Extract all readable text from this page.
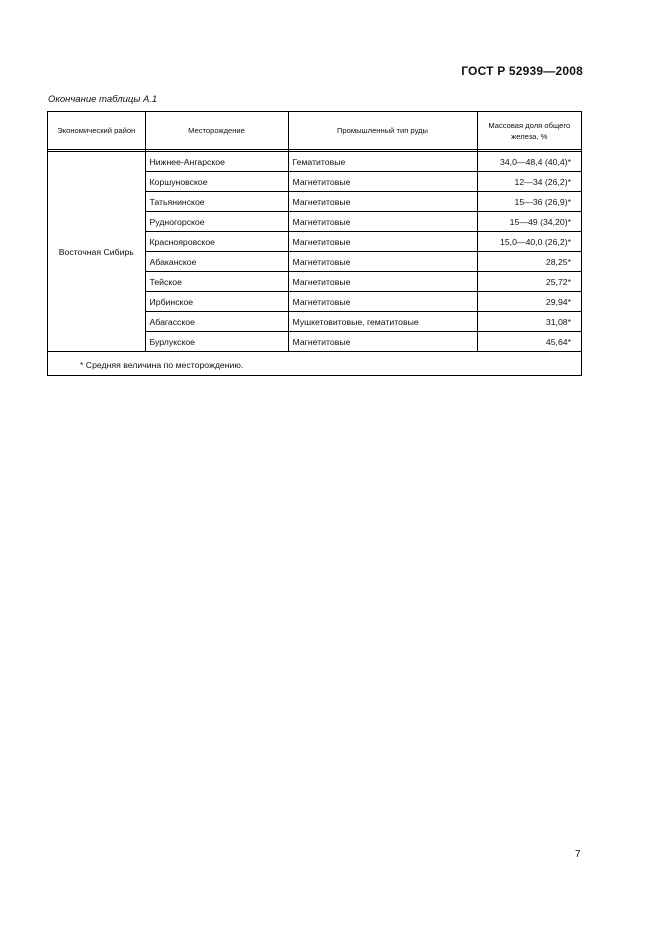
ГОСТ Р 52939—2008
Окончание таблицы А.1
Экономический район	Месторождение	Промышленный тип руды	Массовая доля общего железа, %

Восточная Сибирь	Нижнее-Ангарское	Гематитовые	34,0—48,4 (40,4)*
	Коршуновское	Магнетитовые	12—34 (26,2)*
	Татьянинское	Магнетитовые	15—36 (26,9)*
	Рудногорское	Магнетитовые	15—49 (34,20)*
	Краснояровское	Магнетитовые	15,0—40,0 (26,2)*
	Абаканское	Магнетитовые	28,25*
	Тейское	Магнетитовые	25,72*
	Ирбинское	Магнетитовые	29,94*
	Абагасское	Мушкетовитовые, гематитовые	31,08*
	Бурлукское	Магнетитовые	45,64*
* Средняя величина по месторождению.
7
